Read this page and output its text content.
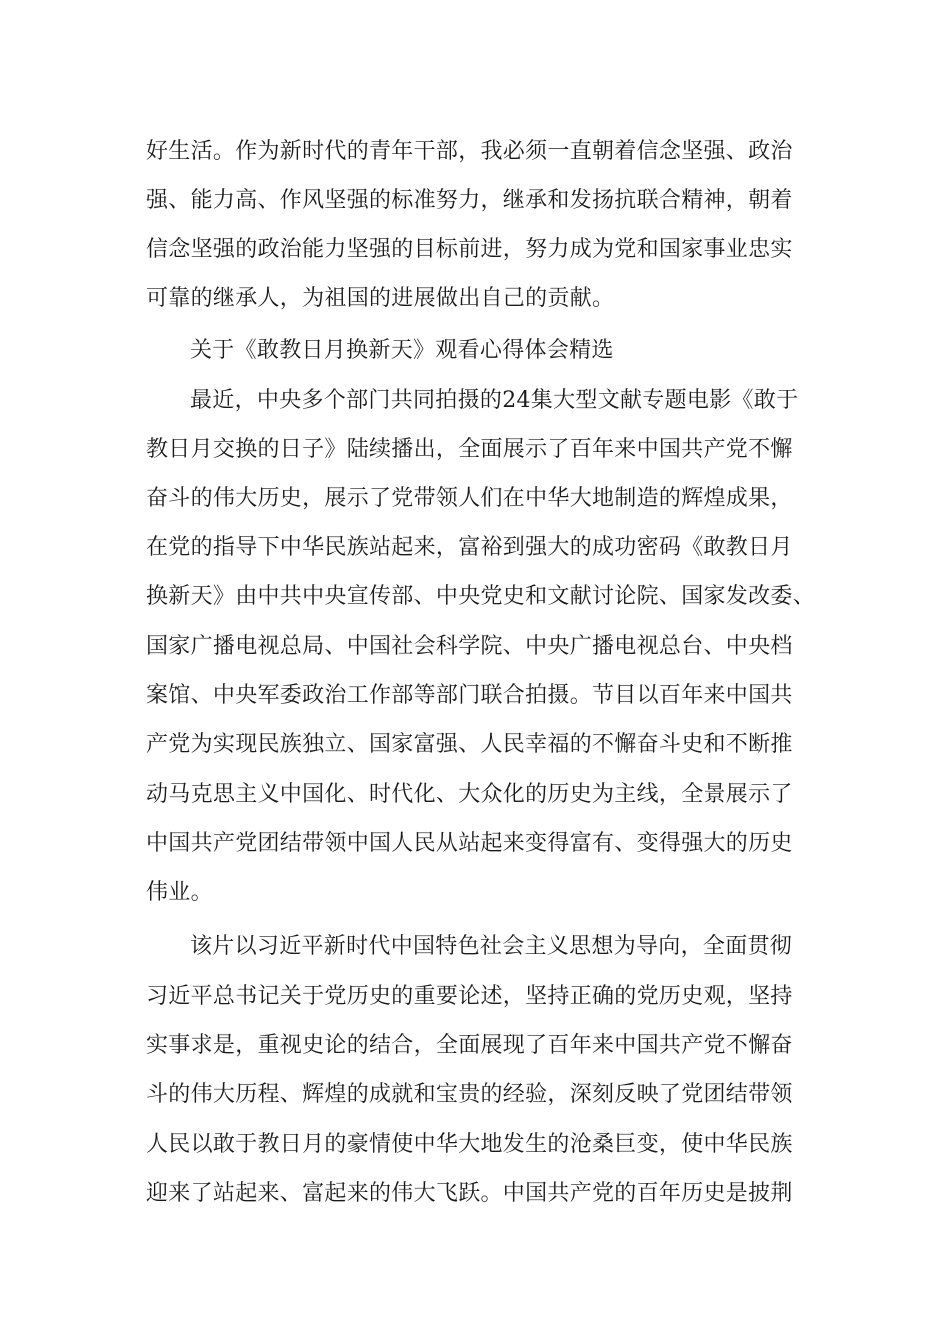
好生活。作为新时代的青年干部，我必须一直朝着信念坚强、政治

强、能力高、作风坚强的标准努力，继承和发扬抗联合精神，朝着

信念坚强的政治能力坚强的目标前进，努力成为党和国家事业忠实

可靠的继承人，为祖国的进展做出自己的贡献。

关于《敢教日月换新天》观看心得体会精选

最近，中央多个部门共同拍摄的24集大型文献专题电影《敢于

教日月交换的日子》陆续播出，全面展示了百年来中国共产党不懈

奋斗的伟大历史，展示了党带领人们在中华大地制造的辉煌成果，

在党的指导下中华民族站起来，富裕到强大的成功密码《敢教日月

换新天》由中共中央宣传部、中央党史和文献讨论院、国家发改委、

国家广播电视总局、中国社会科学院、中央广播电视总台、中央档

案馆、中央军委政治工作部等部门联合拍摄。节目以百年来中国共

产党为实现民族独立、国家富强、人民幸福的不懈奋斗史和不断推

动马克思主义中国化、时代化、大众化的历史为主线，全景展示了

中国共产党团结带领中国人民从站起来变得富有、变得强大的历史

伟业。

该片以习近平新时代中国特色社会主义思想为导向，全面贯彻

习近平总书记关于党历史的重要论述，坚持正确的党历史观，坚持

实事求是，重视史论的结合，全面展现了百年来中国共产党不懈奋

斗的伟大历程、辉煌的成就和宝贵的经验，深刻反映了党团结带领

人民以敢于教日月的豪情使中华大地发生的沧桑巨变，使中华民族

迎来了站起来、富起来的伟大飞跃。中国共产党的百年历史是披荆
